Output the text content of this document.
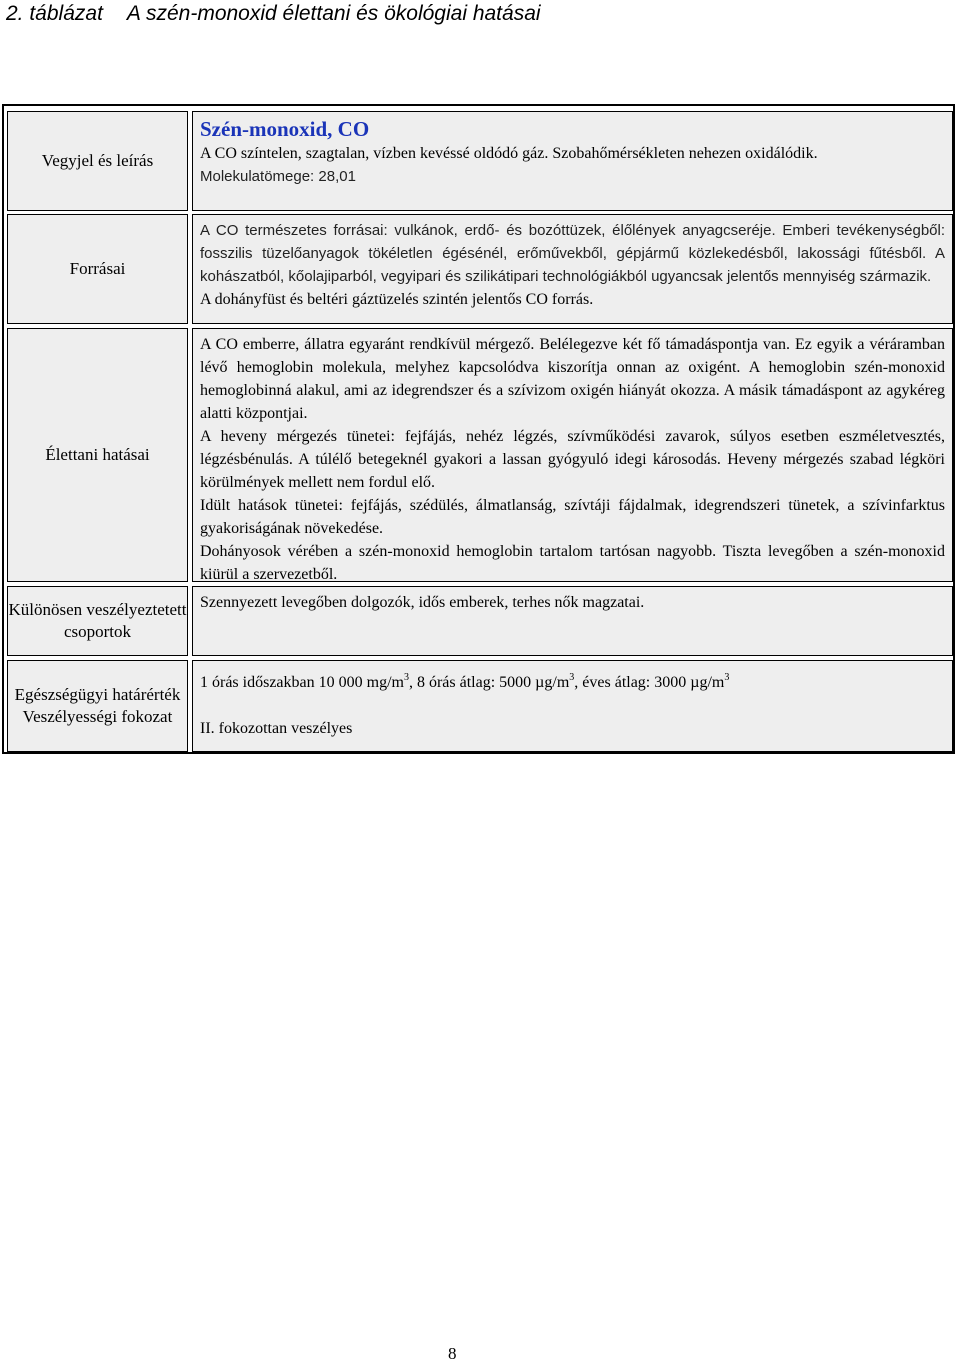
2. táblázat A szén-monoxid élettani és ökológiai hatásai
Vegyjel és leírás
Forrásai
Élettani hatásai
Különösen veszélyeztetett csoportok
Egészségügyi határérték
Veszélyességi fokozat

Szén-monoxid, CO

A CO színtelen, szagtalan, vízben kevéssé oldódó gáz. Szobahőmérsékleten nehezen oxidálódik.

Molekulatömege: 28,01

A CO természetes forrásai: vulkánok, erdő- és bozóttüzek, élőlények anyagcseréje. Emberi tevékenységből: fosszilis tüzelőanyagok tökéletlen égésénél, erőművekből, gépjármű közlekedésből, lakossági fűtésből. A kohászatból, kőolajiparból, vegyipari és szilikátipari technológiákból ugyancsak jelentős mennyiség származik.

A dohányfüst és beltéri gáztüzelés szintén jelentős CO forrás.

A CO emberre, állatra egyaránt rendkívül mérgező. Belélegezve két fő támadáspontja van. Ez egyik a véráramban lévő hemoglobin molekula, melyhez kapcsolódva kiszorítja onnan az oxigént. A hemoglobin szén-monoxid hemoglobinná alakul, ami az idegrendszer és a szívizom oxigén hiányát okozza. A másik támadáspont az agykéreg alatti központjai.

A heveny mérgezés tünetei: fejfájás, nehéz légzés, szívműködési zavarok, súlyos esetben eszméletvesztés, légzésbénulás. A túlélő betegeknél gyakori a lassan gyógyuló idegi károsodás. Heveny mérgezés szabad légköri körülmények mellett nem fordul elő.

Idült hatások tünetei: fejfájás, szédülés, álmatlanság, szívtáji fájdalmak, idegrendszeri tünetek, a szívinfarktus gyakoriságának növekedése.

Dohányosok vérében a szén-monoxid hemoglobin tartalom tartósan nagyobb. Tiszta levegőben a szén-monoxid kiürül a szervezetből.

Szennyezett levegőben dolgozók, idős emberek, terhes nők magzatai.

1 órás időszakban 10 000 $mg/m^3$, 8 órás átlag: 5000 $\mu g/m^3$, éves átlag: 3000 $\mu g/m^3$

II. fokozottan veszélyes

8
